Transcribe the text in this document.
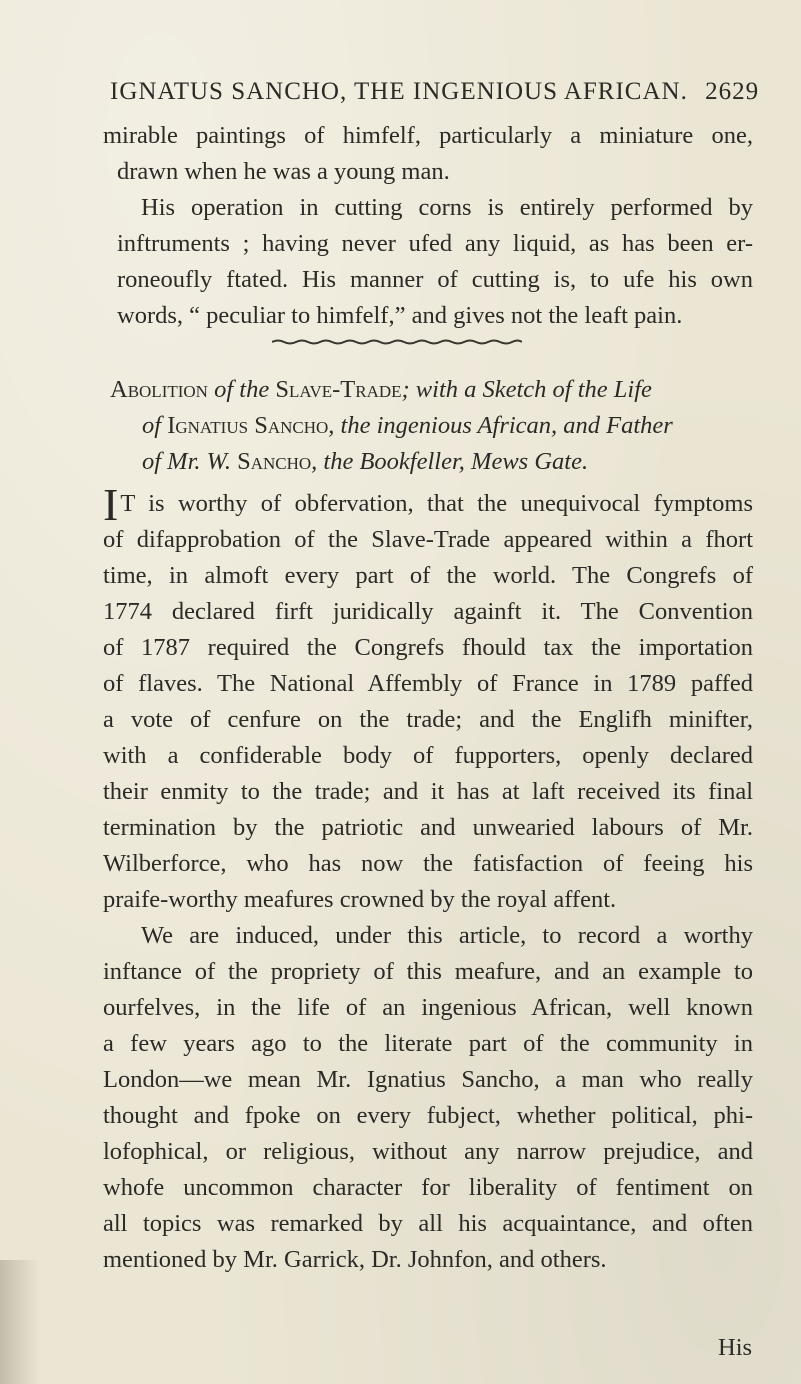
IGNATUS SANCHO, THE INGENIOUS AFRICAN. 2629
mirable paintings of himfelf, particularly a miniature one,
drawn when he was a young man.
His operation in cutting corns is entirely performed by
inftruments ; having never ufed any liquid, as has been er-
roneoufly ftated. His manner of cutting is, to ufe his own
words, “ peculiar to himfelf,” and gives not the leaft pain.
Abolition of the Slave-Trade; with a Sketch of the Life
of Ignatius Sancho, the ingenious African, and Father
of Mr. W. Sancho, the Bookfeller, Mews Gate.
I T is worthy of obfervation, that the unequivocal fymptoms
of difapprobation of the Slave-Trade appeared within a fhort
time, in almoft every part of the world. The Congrefs of
1774 declared firft juridically againft it. The Convention
of 1787 required the Congrefs fhould tax the importation
of flaves. The National Affembly of France in 1789 paffed
a vote of cenfure on the trade; and the Englifh minifter,
with a confiderable body of fupporters, openly declared
their enmity to the trade; and it has at laft received its final
termination by the patriotic and unwearied labours of Mr.
Wilberforce, who has now the fatisfaction of feeing his
praife-worthy meafures crowned by the royal affent.
We are induced, under this article, to record a worthy
inftance of the propriety of this meafure, and an example to
ourfelves, in the life of an ingenious African, well known
a few years ago to the literate part of the community in
London—we mean Mr. Ignatius Sancho, a man who really
thought and fpoke on every fubject, whether political, phi-
lofophical, or religious, without any narrow prejudice, and
whofe uncommon character for liberality of fentiment on
all topics was remarked by all his acquaintance, and often
mentioned by Mr. Garrick, Dr. Johnfon, and others.
His
